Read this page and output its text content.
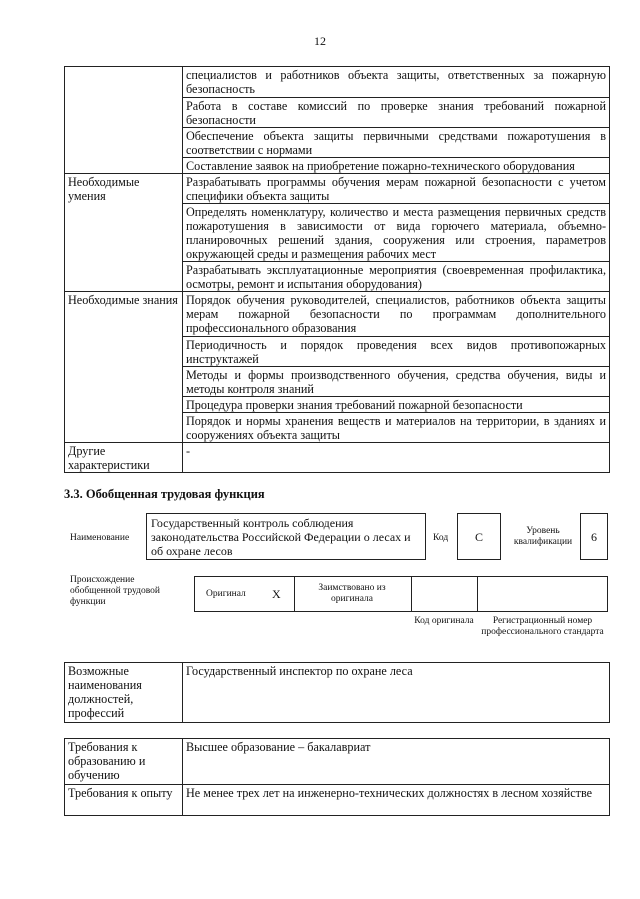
12
	специалистов и работников объекта защиты, ответственных за пожарную безопасность
	Работа в составе комиссий по проверке знания требований пожарной безопасности
	Обеспечение объекта защиты первичными средствами пожаротушения в соответствии с нормами
	Составление заявок на приобретение пожарно-технического оборудования
Необходимые умения	Разрабатывать программы обучения мерам пожарной безопасности с учетом специфики объекта защиты
	Определять номенклатуру, количество и места размещения первичных средств пожаротушения в зависимости от вида горючего материала, объемно-планировочных решений здания, сооружения или строения, параметров окружающей среды и размещения рабочих мест
	Разрабатывать эксплуатационные мероприятия (своевременная профилактика, осмотры, ремонт и испытания оборудования)
Необходимые знания	Порядок обучения руководителей, специалистов, работников объекта защиты мерам пожарной безопасности по программам дополнительного профессионального образования
	Периодичность и порядок проведения всех видов противопожарных инструктажей
	Методы и формы производственного обучения, средства обучения, виды и методы контроля знаний
	Процедура проверки знания требований пожарной безопасности
	Порядок и нормы хранения веществ и материалов на территории, в зданиях и сооружениях объекта защиты
Другие характеристики	-
3.3. Обобщенная трудовая функция
Наименование
Государственный контроль соблюдения законодательства Российской Федерации о лесах и об охране лесов
Код	C	Уровень квалификации	6
Происхождение обобщенной трудовой функции
Оригинал X	Заимствовано из оригинала
Код оригинала	Регистрационный номер профессионального стандарта
Возможные наименования должностей, профессий	Государственный инспектор по охране леса
Требования к образованию и обучению	Высшее образование – бакалавриат
Требования к опыту	Не менее трех лет на инженерно-технических должностях в лесном хозяйстве
